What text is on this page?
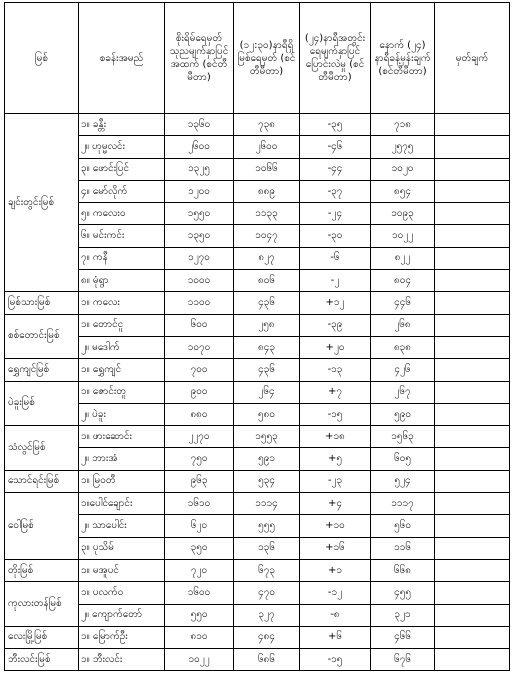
မြစ်	စခန်းအမည်	စိုးရိမ်ရေမှတ် သုညမျက်နှာပြင်အထက် (စင်တီမီတာ)	(၁၂:၃၀)နာရီရှိမြစ်ရေမှတ် (စင်တီမီတာ)	(၂၄)နာရီအတွင်းရေမျက်နှာပြင် ပြောင်းလဲမှု (စင်တီမီတာ)	နောက် (၂၄) နာရီခန့်မှန်းချက် (စင်တီမီတာ)	မှတ်ချက်
ချင်းတွင်းမြစ်	၁။ ခန္တီး	၁၃၆၀	၇၃၈	-၃၅	၇၁၈	
	၂။ ဟုမ္မလင်း	၂၆၀၀	၂၆၀၀	-၄၆	၂၅၇၅	
	၃။ ဖောင်းပြင်	၁၃၂၅	၁၀၆၆	-၄၄	၁၀၂၀	
	၄။ မော်လိုက်	၁၂၀၀	၈၈၉	-၃၇	၈၅၄	
	၅။ ကလေးဝ	၁၅၅၀	၁၁၃၃	-၂၄	၁၀၉၃	
	၆။ မင်းကင်း	၁၃၅၀	၁၀၄၇	-၃၀	၁၀၂၂	
	၇။ ကနီ	၁၂၇၀	၈၂၇	-၆	၈၂၂	
	၈။ မုံရွာ	၁၀၀၀	၈၀၆	-၂	၈၀၄	
မြစ်သားမြစ်	၁။ ကလေး	၁၁၀၀	၄၃၆	+၁၂	၄၄၆	
စစ်တောင်းမြစ်	၁။ တောင်ငူ	၆၀၀	၂၅၈	-၃၉	၂၆၈	
	၂။ မဒေါက်	၁၀၇၀	၈၄၃	+၂၀	၈၃၈	
ရွှေကျင်မြစ်	၁။ ရွှေကျင်	၇၀၀	၄၃၆	-၁၃	၄၂၆	
ပဲခူးမြစ်	၁။ ဇောင်းတူ	၉၀၀	၂၆၄	+၇	၂၆၇	
	၂။ ပဲခူး	၈၈၀	၅၈၀	-၁၅	၅၉၀	
သံလွင်မြစ်	၁။ ဖားဆောင်း	၂၂၇၀	၁၅၅၃	+၁၈	၁၅၆၃	
	၂။ ဘားအံ	၇၅၀	၅၉၁	+၅	၆၀၅	
သောင်ရင်းမြစ်	၁။ မြဝတီ	၉၆၃	၅၃၄	-၂၃	၅၂၄	
ဝေါမြစ်	၁။ပေါင်ချောင်း	၁၆၁၀	၁၁၁၄	+၄	၁၁၁၇	
	၂။ သာပေါင်း	၆၂၀	၅၅၅	+၁၀	၅၆၀	
	၃။ ပုသိမ်	၃၅၀	၁၃၆	+၁၆	၁၁၆	
တိုးမြစ်	၁။ မအူပင်	၇၂၀	၆၇၃	+၁	၆၆၈	
ကုလားတန်မြစ်	၁။ ပလက်ဝ	၁၆၀၀	၄၇၀	-၁၂	၄၅၅	
	၂။ ကျောက်တော်	၅၅၀	၃၂၇	-၈	၃၂၁	
လေးမြို့မြစ်	၁။ မြောက်ဦး	၈၁၀	၄၈၄	+၆	၄၆၆	
ဘီးလင်းမြစ်	၁။ ဘီးလင်း	၁၀၂၂	၆၈၆	-၁၅	၆၇၆	
